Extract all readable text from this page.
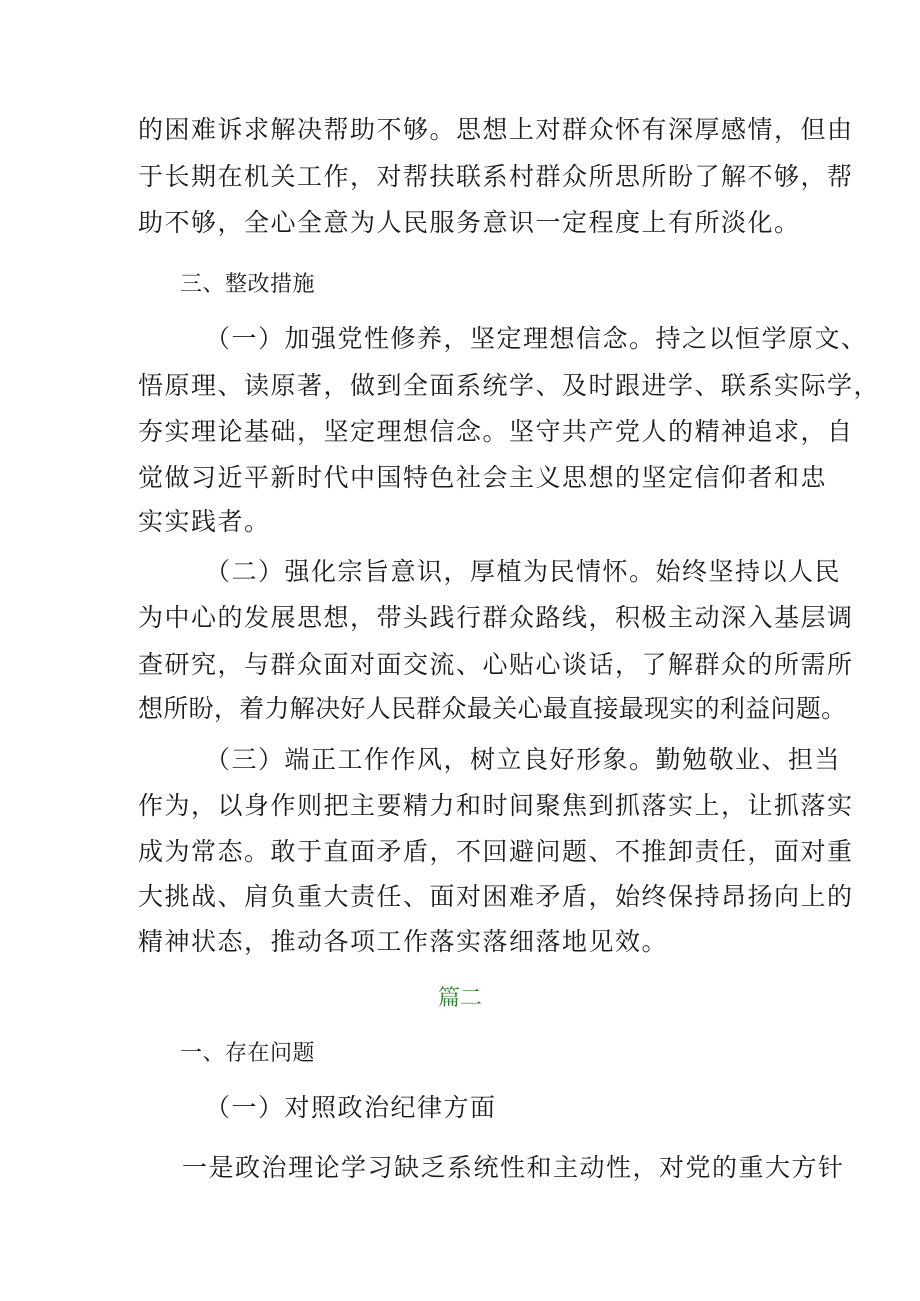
的困难诉求解决帮助不够。思想上对群众怀有深厚感情，但由
于长期在机关工作，对帮扶联系村群众所思所盼了解不够，帮
助不够，全心全意为人民服务意识一定程度上有所淡化。
三、整改措施
（一）加强党性修养，坚定理想信念。持之以恒学原文、
悟原理、读原著，做到全面系统学、及时跟进学、联系实际学，
夯实理论基础，坚定理想信念。坚守共产党人的精神追求，自
觉做习近平新时代中国特色社会主义思想的坚定信仰者和忠
实实践者。
（二）强化宗旨意识，厚植为民情怀。始终坚持以人民
为中心的发展思想，带头践行群众路线，积极主动深入基层调
查研究，与群众面对面交流、心贴心谈话，了解群众的所需所
想所盼，着力解决好人民群众最关心最直接最现实的利益问题。
（三）端正工作作风，树立良好形象。勤勉敬业、担当
作为，以身作则把主要精力和时间聚焦到抓落实上，让抓落实
成为常态。敢于直面矛盾，不回避问题、不推卸责任，面对重
大挑战、肩负重大责任、面对困难矛盾，始终保持昂扬向上的
精神状态，推动各项工作落实落细落地见效。
篇二
一、存在问题
（一）对照政治纪律方面
一是政治理论学习缺乏系统性和主动性，对党的重大方针
